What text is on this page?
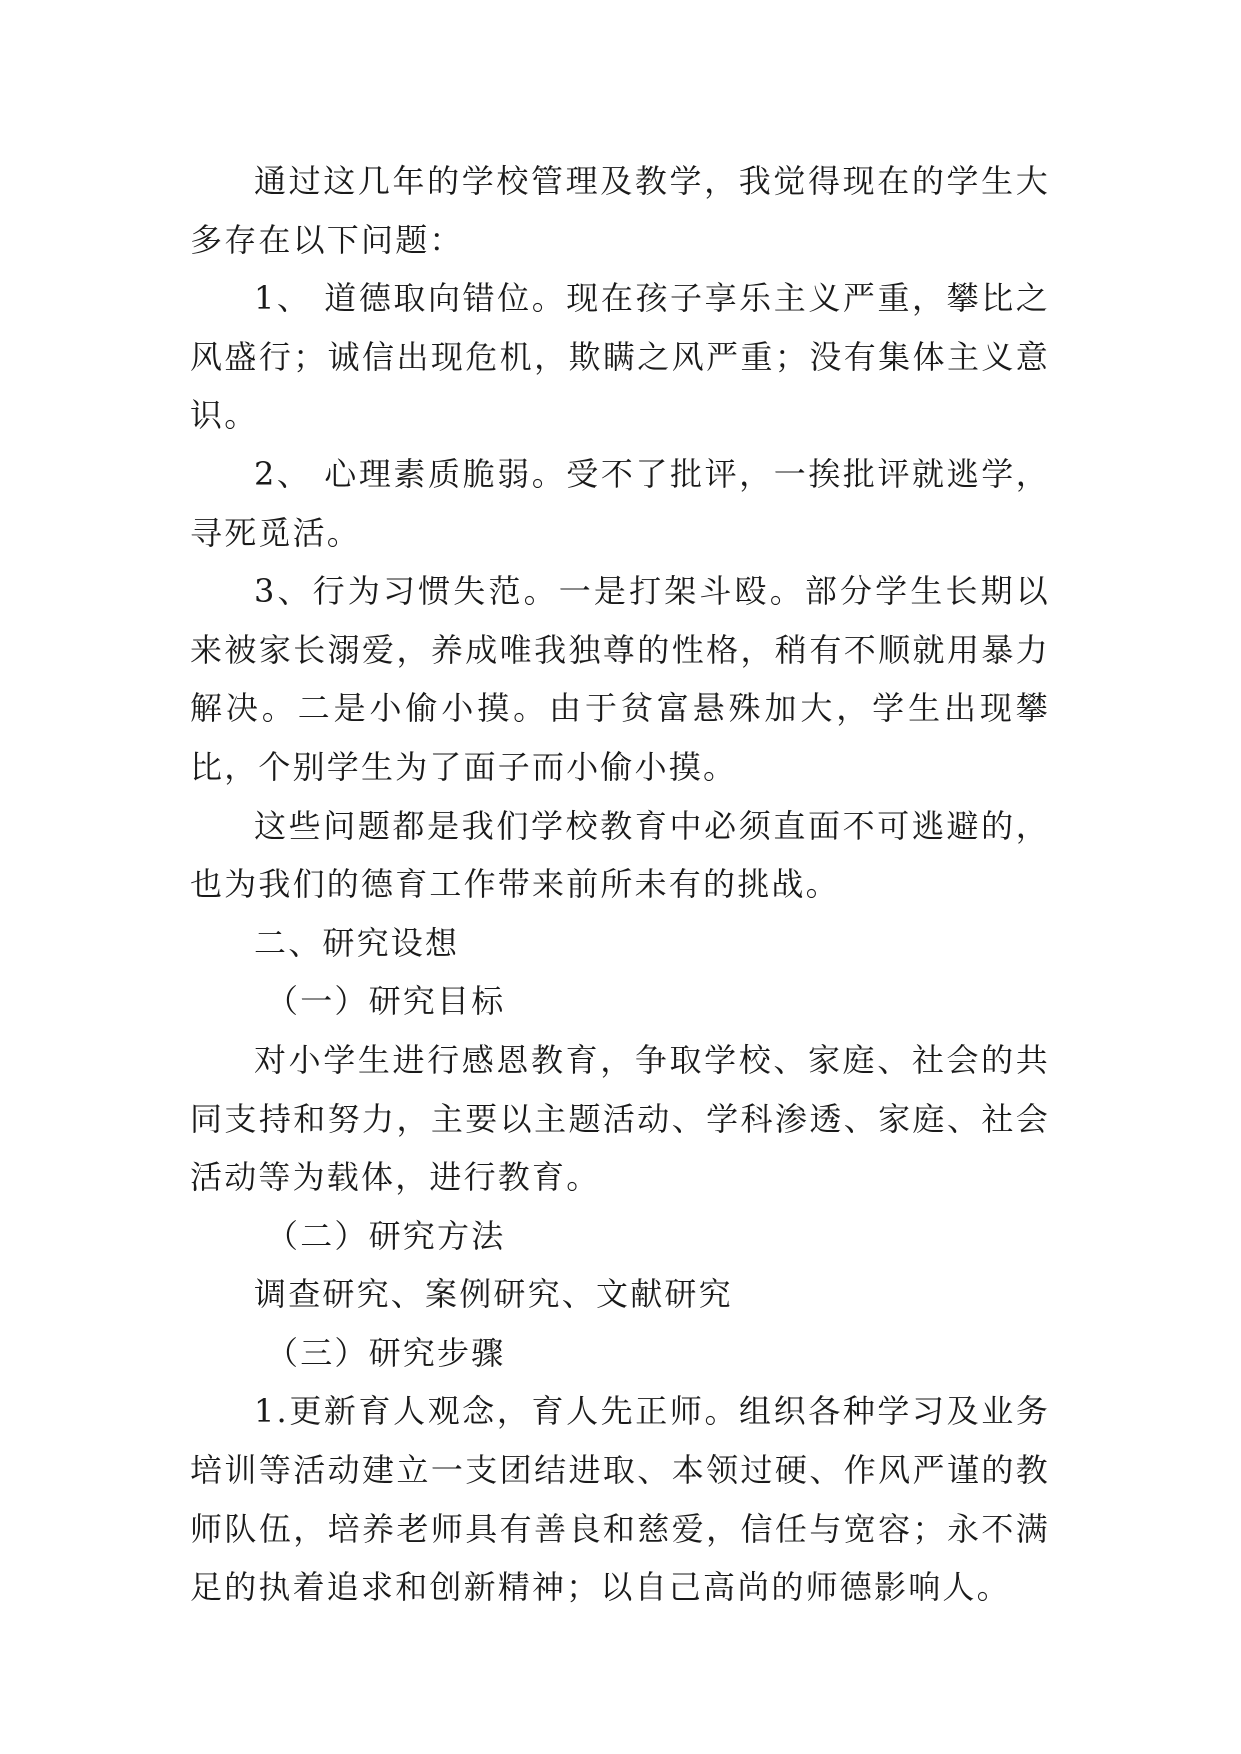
通过这几年的学校管理及教学，我觉得现在的学生大多存在以下问题：

1、 道德取向错位。现在孩子享乐主义严重，攀比之风盛行；诚信出现危机，欺瞒之风严重；没有集体主义意识。

2、 心理素质脆弱。受不了批评，一挨批评就逃学，寻死觅活。

3、行为习惯失范。一是打架斗殴。部分学生长期以来被家长溺爱，养成唯我独尊的性格，稍有不顺就用暴力解决。二是小偷小摸。由于贫富悬殊加大，学生出现攀比，个别学生为了面子而小偷小摸。

这些问题都是我们学校教育中必须直面不可逃避的，也为我们的德育工作带来前所未有的挑战。

二、研究设想

（一）研究目标

对小学生进行感恩教育，争取学校、家庭、社会的共同支持和努力，主要以主题活动、学科渗透、家庭、社会活动等为载体，进行教育。

（二）研究方法

调查研究、案例研究、文献研究

（三）研究步骤

1.更新育人观念，育人先正师。组织各种学习及业务培训等活动建立一支团结进取、本领过硬、作风严谨的教师队伍，培养老师具有善良和慈爱，信任与宽容；永不满足的执着追求和创新精神；以自己高尚的师德影响人。
